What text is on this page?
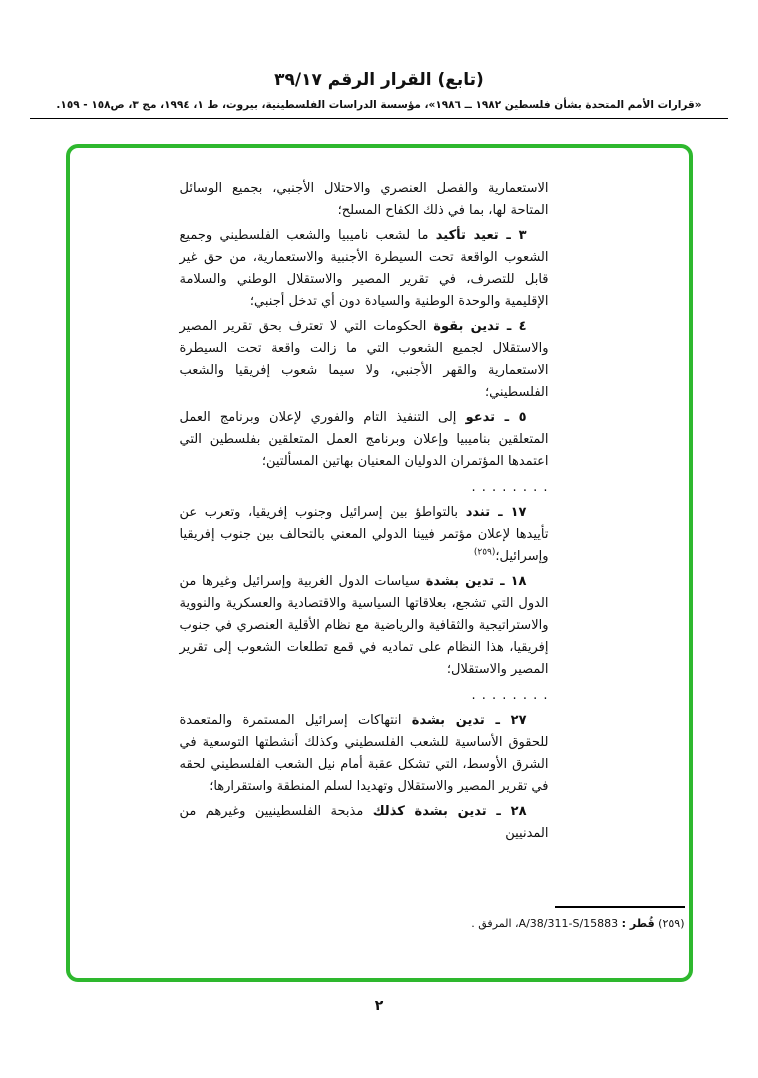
(تابع) القرار الرقم ٣٩/١٧
«قرارات الأمم المتحدة بشأن فلسطين ١٩٨٢ ــ ١٩٨٦»، مؤسسة الدراسات الفلسطينية، بيروت، ط ١، ١٩٩٤، مج ٣، ص١٥٨ - ١٥٩.

الاستعمارية والفصل العنصري والاحتلال الأجنبي، بجميع الوسائل المتاحة لها، بما في ذلك الكفاح المسلح؛

٣ ـ تعيد تأكيد ما لشعب ناميبيا والشعب الفلسطيني وجميع الشعوب الواقعة تحت السيطرة الأجنبية والاستعمارية، من حق غير قابل للتصرف، في تقرير المصير والاستقلال الوطني والسلامة الإقليمية والوحدة الوطنية والسيادة دون أي تدخل أجنبي؛

٤ ـ تدين بقوة الحكومات التي لا تعترف بحق تقرير المصير والاستقلال لجميع الشعوب التي ما زالت واقعة تحت السيطرة الاستعمارية والقهر الأجنبي، ولا سيما شعوب إفريقيا والشعب الفلسطيني؛

٥ ـ تدعو إلى التنفيذ التام والفوري لإعلان وبرنامج العمل المتعلقين بناميبيا وإعلان وبرنامج العمل المتعلقين بفلسطين التي اعتمدها المؤتمران الدوليان المعنيان بهاتين المسألتين؛

. . . . . . . .

١٧ ـ تندد بالتواطؤ بين إسرائيل وجنوب إفريقيا، وتعرب عن تأييدها لإعلان مؤتمر فيينا الدولي المعني بالتحالف بين جنوب إفريقيا وإسرائيل؛$^{(٢٥٩)}$

١٨ ـ تدين بشدة سياسات الدول الغربية وإسرائيل وغيرها من الدول التي تشجع، بعلاقاتها السياسية والاقتصادية والعسكرية والنووية والاستراتيجية والثقافية والرياضية مع نظام الأقلية العنصري في جنوب إفريقيا، هذا النظام على تماديه في قمع تطلعات الشعوب إلى تقرير المصير والاستقلال؛

. . . . . . . .

٢٧ ـ تدين بشدة انتهاكات إسرائيل المستمرة والمتعمدة للحقوق الأساسية للشعب الفلسطيني وكذلك أنشطتها التوسعية في الشرق الأوسط، التي تشكل عقبة أمام نيل الشعب الفلسطيني لحقه في تقرير المصير والاستقلال وتهديدا لسلم المنطقة واستقرارها؛

٢٨ ـ تدين بشدة كذلك مذبحة الفلسطينيين وغيرهم من المدنيين

(٢٥٩) قُطر : A/38/311-S/15883، المرفق .
٢
